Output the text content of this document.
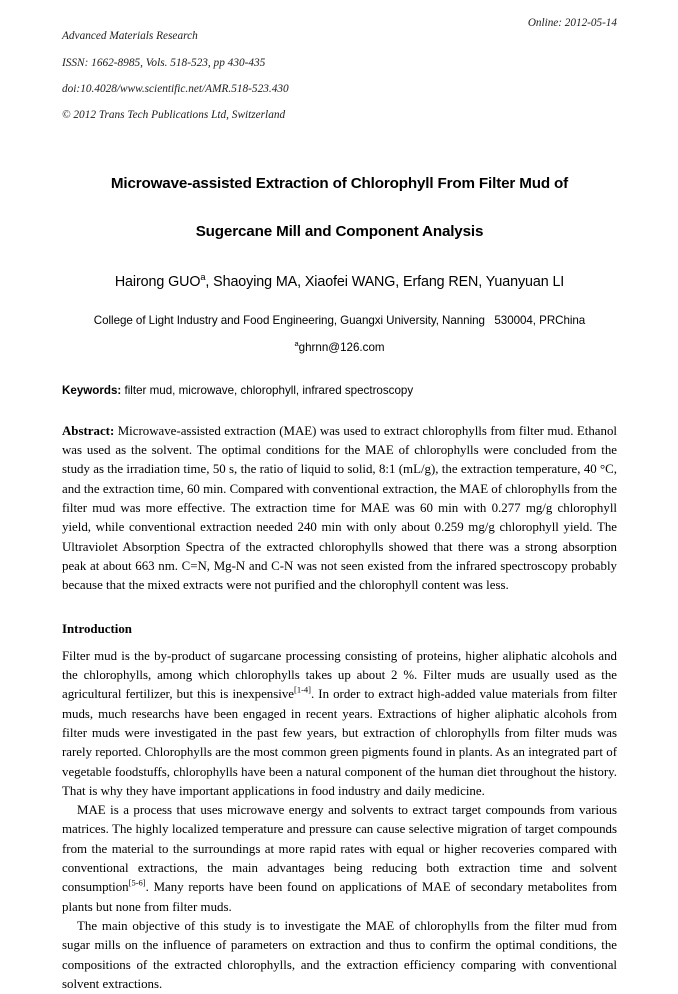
Advanced Materials Research

ISSN: 1662-8985, Vols. 518-523, pp 430-435

doi:10.4028/www.scientific.net/AMR.518-523.430

© 2012 Trans Tech Publications Ltd, Switzerland

Online: 2012-05-14
Microwave-assisted Extraction of Chlorophyll From Filter Mud of
Sugercane Mill and Component Analysis
Hairong GUO$^a$, Shaoying MA, Xiaofei WANG, Erfang REN, Yuanyuan LI
College of Light Industry and Food Engineering, Guangxi University, Nanning   530004, PRChina
$^a$ghrnn@126.com
Keywords: filter mud, microwave, chlorophyll, infrared spectroscopy
Abstract: Microwave-assisted extraction (MAE) was used to extract chlorophylls from filter mud. Ethanol was used as the solvent. The optimal conditions for the MAE of chlorophylls were concluded from the study as the irradiation time, 50 s, the ratio of liquid to solid, 8:1 (mL/g), the extraction temperature, 40 °C, and the extraction time, 60 min. Compared with conventional extraction, the MAE of chlorophylls from the filter mud was more effective. The extraction time for MAE was 60 min with 0.277 mg/g chlorophyll yield, while conventional extraction needed 240 min with only about 0.259 mg/g chlorophyll yield. The Ultraviolet Absorption Spectra of the extracted chlorophylls showed that there was a strong absorption peak at about 663 nm. C=N, Mg-N and C-N was not seen existed from the infrared spectroscopy probably because that the mixed extracts were not purified and the chlorophyll content was less.
Introduction
Filter mud is the by-product of sugarcane processing consisting of proteins, higher aliphatic alcohols and the chlorophylls, among which chlorophylls takes up about 2 %. Filter muds are usually used as the agricultural fertilizer, but this is inexpensive[1-4]. In order to extract high-added value materials from filter muds, much researchs have been engaged in recent years. Extractions of higher aliphatic alcohols from filter muds were investigated in the past few years, but extraction of chlorophylls from filter muds was rarely reported. Chlorophylls are the most common green pigments found in plants. As an integrated part of vegetable foodstuffs, chlorophylls have been a natural component of the human diet throughout the history. That is why they have important applications in food industry and daily medicine.
MAE is a process that uses microwave energy and solvents to extract target compounds from various matrices. The highly localized temperature and pressure can cause selective migration of target compounds from the material to the surroundings at more rapid rates with equal or higher recoveries compared with conventional extractions, the main advantages being reducing both extraction time and solvent consumption[5-6]. Many reports have been found on applications of MAE of secondary metabolites from plants but none from filter muds.
The main objective of this study is to investigate the MAE of chlorophylls from the filter mud from sugar mills on the influence of parameters on extraction and thus to confirm the optimal conditions, the compositions of the extracted chlorophylls, and the extraction efficiency comparing with conventional solvent extractions.
